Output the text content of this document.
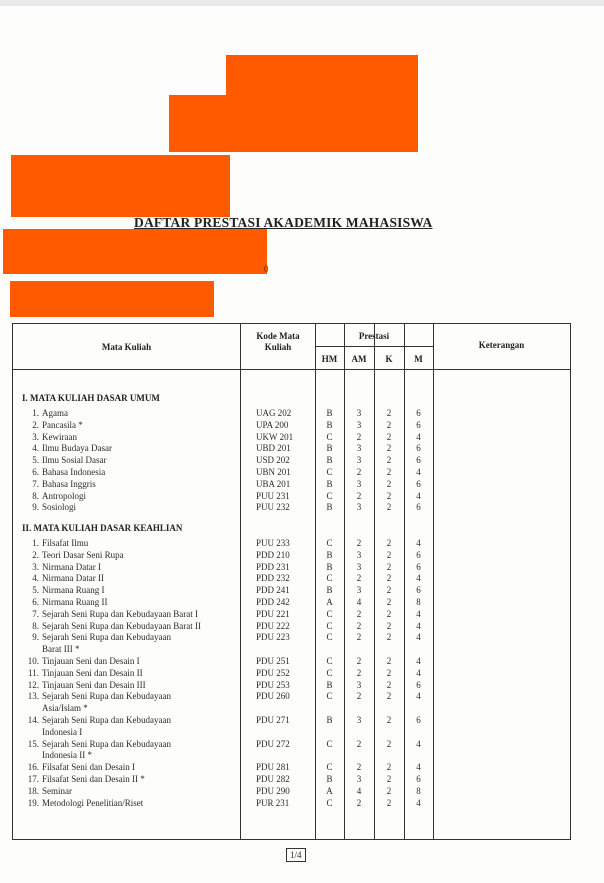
DAFTAR PRESTASI AKADEMIK MAHASISWA
0
Mata Kuliah
Kode Mata Kuliah
Prestasi
HM	AM	K	M
Keterangan
I. MATA KULIAH DASAR UMUM
1. Agama	UAG 202	B	3	2	6
2. Pancasila *	UPA 200	B	3	2	6
3. Kewiraan	UKW 201	C	2	2	4
4. Ilmu Budaya Dasar	UBD 201	B	3	2	6
5. Ilmu Sosial Dasar	USD 202	B	3	2	6
6. Bahasa Indonesia	UBN 201	C	2	2	4
7. Bahasa Inggris	UBA 201	B	3	2	6
8. Antropologi	PUU 231	C	2	2	4
9. Sosiologi	PUU 232	B	3	2	6
II. MATA KULIAH DASAR KEAHLIAN
1. Filsafat Ilmu	PUU 233	C	2	2	4
2. Teori Dasar Seni Rupa	PDD 210	B	3	2	6
3. Nirmana Datar I	PDD 231	B	3	2	6
4. Nirmana Datar II	PDD 232	C	2	2	4
5. Nirmana Ruang I	PDD 241	B	3	2	6
6. Nirmana Ruang II	PDD 242	A	4	2	8
7. Sejarah Seni Rupa dan Kebudayaan Barat I	PDU 221	C	2	2	4
8. Sejarah Seni Rupa dan Kebudayaan Barat II	PDU 222	C	2	2	4
9. Sejarah Seni Rupa dan Kebudayaan
Barat III *
PDU 223	C	2	2	4
10. Tinjauan Seni dan Desain I	PDU 251	C	2	2	4
11. Tinjauan Seni dan Desain II	PDU 252	C	2	2	4
12. Tinjauan Seni dan Desain III	PDU 253	B	3	2	6
13. Sejarah Seni Rupa dan Kebudayaan
Asia/Islam *
PDU 260	C	2	2	4
14. Sejarah Seni Rupa dan Kebudayaan
Indonesia I
PDU 271	B	3	2	6
15. Sejarah Seni Rupa dan Kebudayaan
Indonesia II *
PDU 272	C	2	2	4
16. Filsafat Seni dan Desain I	PDU 281	C	2	2	4
17. Filsafat Seni dan Desain II *	PDU 282	B	3	2	6
18. Seminar	PDU 290	A	4	2	8
19. Metodologi Penelitian/Riset	PUR 231	C	2	2	4
1/4
